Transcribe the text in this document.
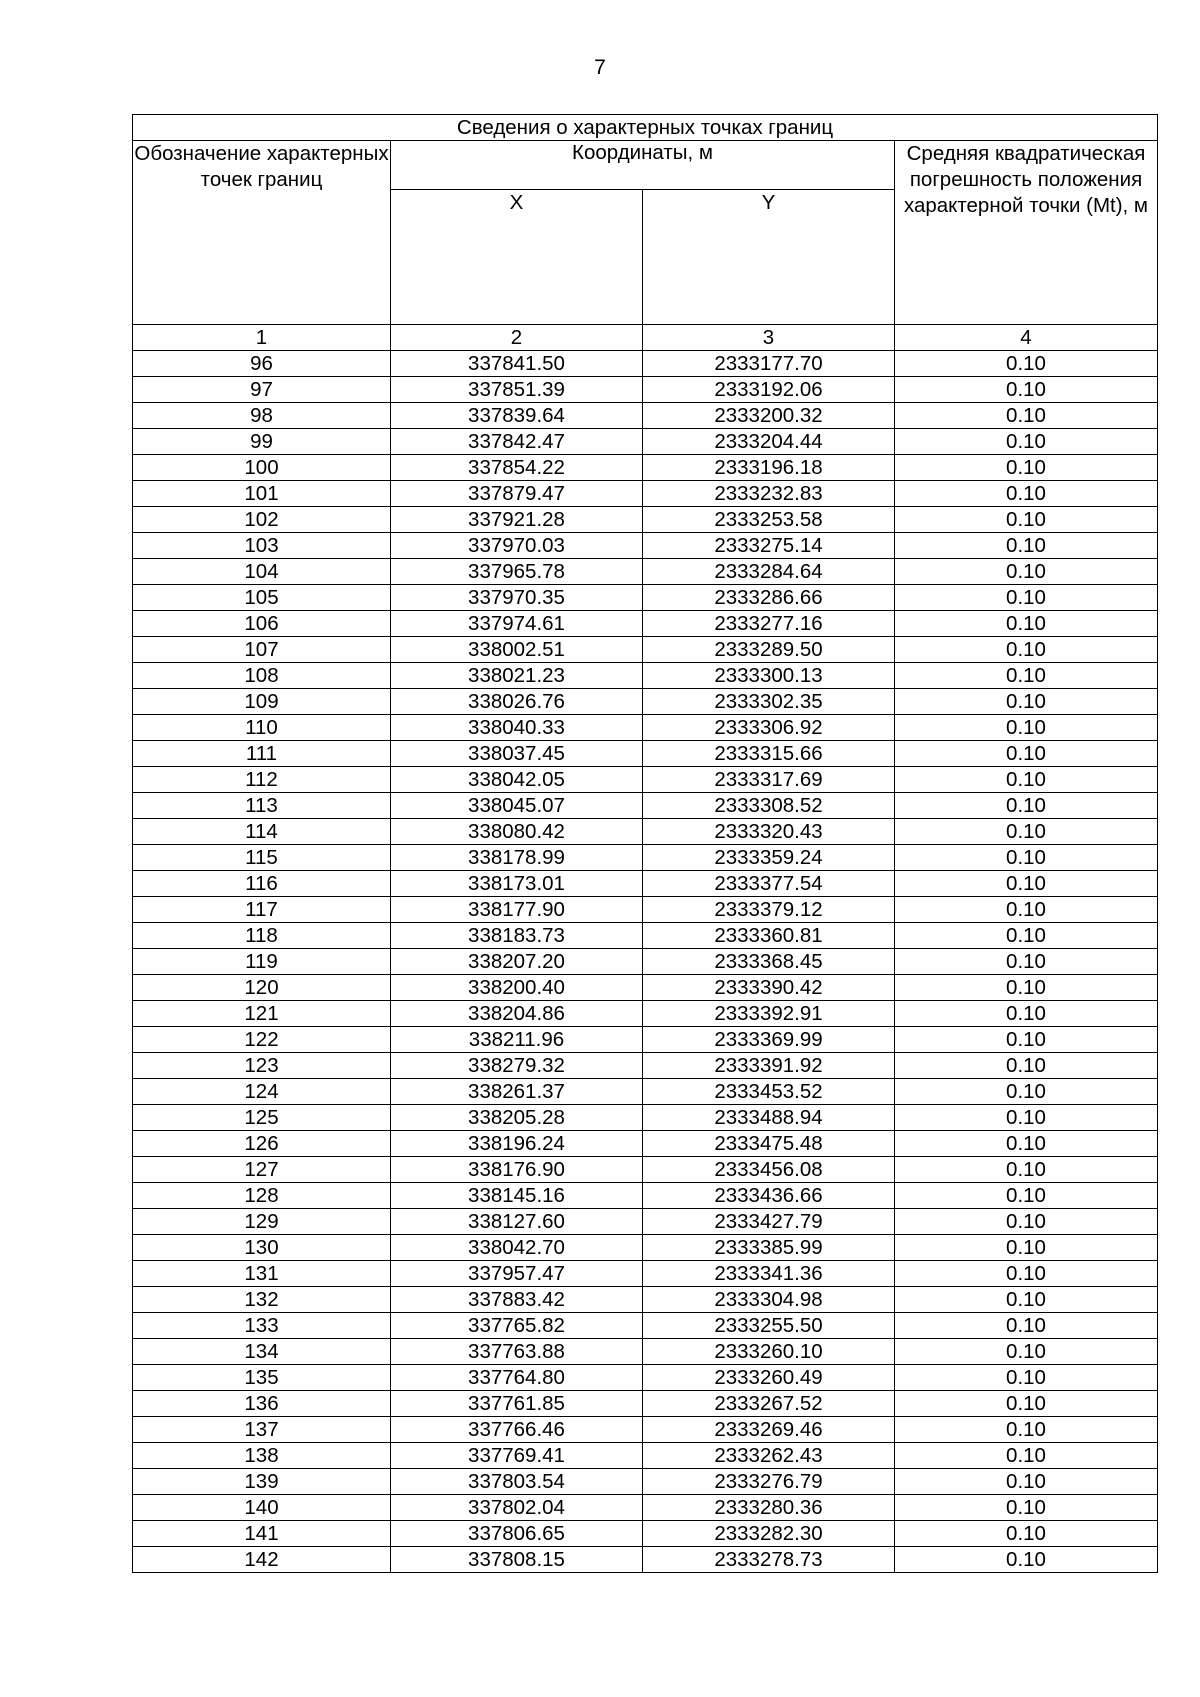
7
Сведения о характерных точках границ			
Обозначение характерных точек границ	Координаты, м		Средняя квадратическая погрешность положения характерной точки (Mt), м
	X	Y	
1	2	3	4
96	337841.50	2333177.70	0.10
97	337851.39	2333192.06	0.10
98	337839.64	2333200.32	0.10
99	337842.47	2333204.44	0.10
100	337854.22	2333196.18	0.10
101	337879.47	2333232.83	0.10
102	337921.28	2333253.58	0.10
103	337970.03	2333275.14	0.10
104	337965.78	2333284.64	0.10
105	337970.35	2333286.66	0.10
106	337974.61	2333277.16	0.10
107	338002.51	2333289.50	0.10
108	338021.23	2333300.13	0.10
109	338026.76	2333302.35	0.10
110	338040.33	2333306.92	0.10
111	338037.45	2333315.66	0.10
112	338042.05	2333317.69	0.10
113	338045.07	2333308.52	0.10
114	338080.42	2333320.43	0.10
115	338178.99	2333359.24	0.10
116	338173.01	2333377.54	0.10
117	338177.90	2333379.12	0.10
118	338183.73	2333360.81	0.10
119	338207.20	2333368.45	0.10
120	338200.40	2333390.42	0.10
121	338204.86	2333392.91	0.10
122	338211.96	2333369.99	0.10
123	338279.32	2333391.92	0.10
124	338261.37	2333453.52	0.10
125	338205.28	2333488.94	0.10
126	338196.24	2333475.48	0.10
127	338176.90	2333456.08	0.10
128	338145.16	2333436.66	0.10
129	338127.60	2333427.79	0.10
130	338042.70	2333385.99	0.10
131	337957.47	2333341.36	0.10
132	337883.42	2333304.98	0.10
133	337765.82	2333255.50	0.10
134	337763.88	2333260.10	0.10
135	337764.80	2333260.49	0.10
136	337761.85	2333267.52	0.10
137	337766.46	2333269.46	0.10
138	337769.41	2333262.43	0.10
139	337803.54	2333276.79	0.10
140	337802.04	2333280.36	0.10
141	337806.65	2333282.30	0.10
142	337808.15	2333278.73	0.10
